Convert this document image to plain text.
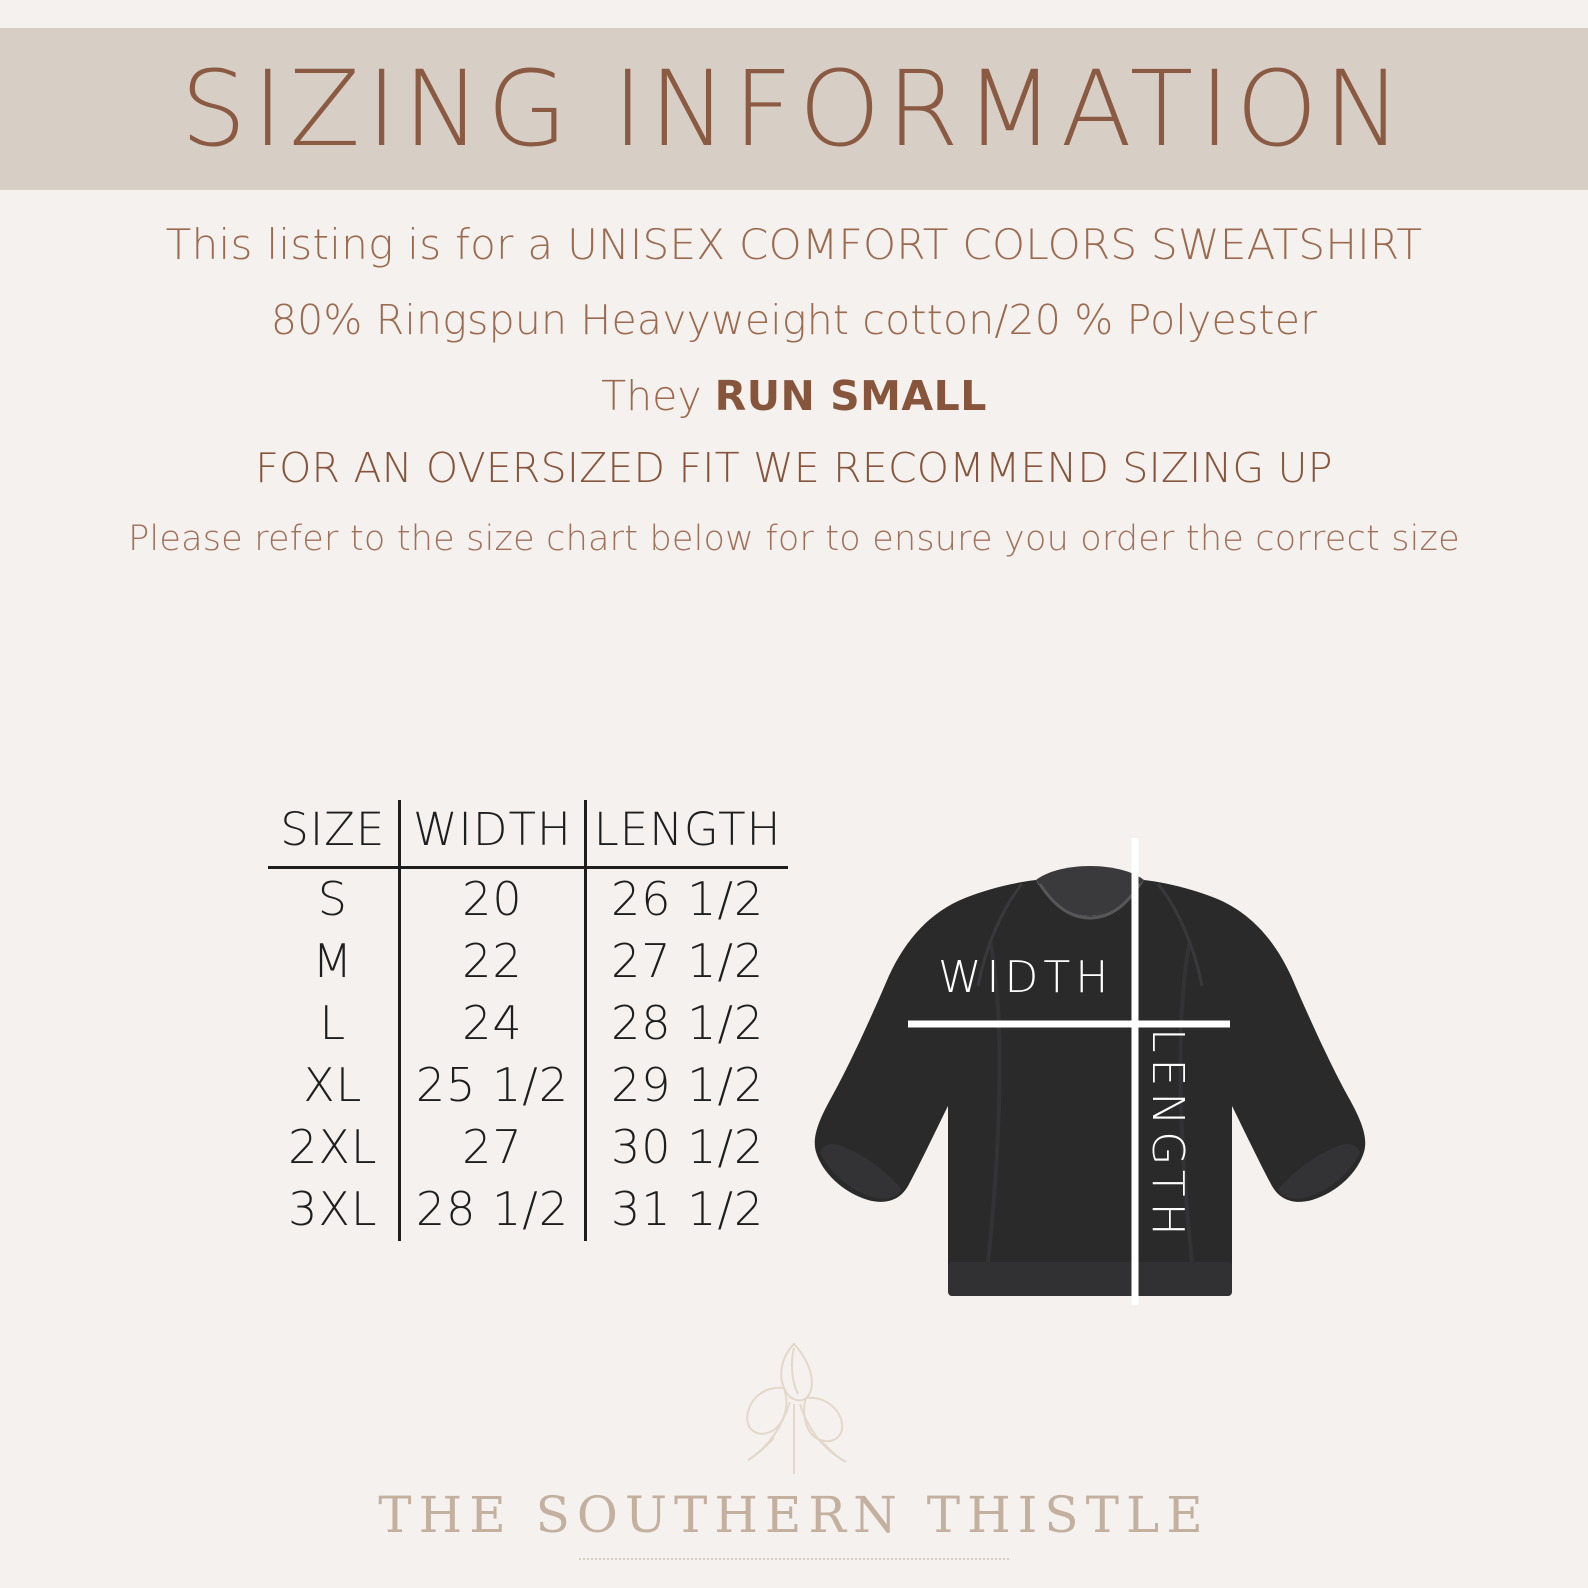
SIZING INFORMATION
This listing is for a UNISEX COMFORT COLORS SWEATSHIRT
80% Ringspun Heavyweight cotton/20 % Polyester
They RUN SMALL
FOR AN OVERSIZED FIT WE RECOMMEND SIZING UP
Please refer to the size chart below for to ensure you order the correct size
SIZE	WIDTH	LENGTH
S	20	26 1/2
M	22	27 1/2
L	24	28 1/2
XL	25 1/2	29 1/2
2XL	27	30 1/2
3XL	28 1/2	31 1/2
WIDTH
LENGTH
THE SOUTHERN THISTLE
